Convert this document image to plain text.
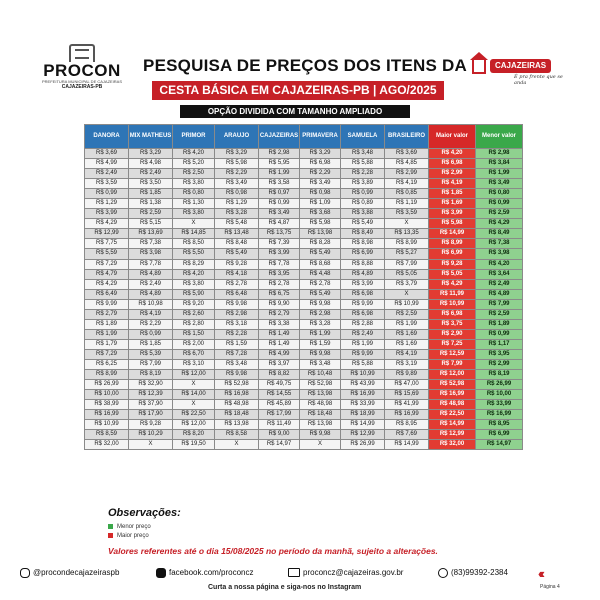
PROCON
PREFEITURA MUNICIPAL DE CAJAZEIRAS
CAJAZEIRAS-PB
PESQUISA DE PREÇOS DOS ITENS DA
CESTA BÁSICA EM CAJAZEIRAS-PB | AGO/2025
OPÇÃO DIVIDIDA COM TAMANHO AMPLIADO
CAJAZEIRAS
É pra frente que se anda
DANORA	MIX MATHEUS	PRIMOR	ARAUJO	CAJAZEIRAS	PRIMAVERA	SAMUELA	BRASILEIRO	Maior valor	Menor valor
R$ 3,69	R$ 3,29	R$ 4,20	R$ 3,29	R$ 2,98	R$ 3,29	R$ 3,48	R$ 3,69	R$ 4,20	R$ 2,98
R$ 4,99	R$ 4,98	R$ 5,20	R$ 5,98	R$ 5,95	R$ 6,98	R$ 5,88	R$ 4,85	R$ 6,98	R$ 3,84
R$ 2,49	R$ 2,49	R$ 2,50	R$ 2,29	R$ 1,99	R$ 2,29	R$ 2,28	R$ 2,99	R$ 2,99	R$ 1,99
R$ 3,59	R$ 3,50	R$ 3,80	R$ 3,49	R$ 3,58	R$ 3,49	R$ 3,89	R$ 4,19	R$ 4,19	R$ 3,49
R$ 0,99	R$ 1,85	R$ 0,80	R$ 0,98	R$ 0,97	R$ 0,98	R$ 0,99	R$ 0,85	R$ 1,85	R$ 0,80
R$ 1,29	R$ 1,38	R$ 1,30	R$ 1,29	R$ 0,99	R$ 1,09	R$ 0,89	R$ 1,19	R$ 1,69	R$ 0,99
R$ 3,99	R$ 2,59	R$ 3,80	R$ 3,28	R$ 3,49	R$ 3,68	R$ 3,88	R$ 3,59	R$ 3,99	R$ 2,59
R$ 4,29	R$ 5,15	X	R$ 5,48	R$ 4,87	R$ 5,98	R$ 5,49	X	R$ 5,98	R$ 4,29
R$ 12,99	R$ 13,69	R$ 14,85	R$ 13,48	R$ 13,75	R$ 13,98	R$ 8,49	R$ 13,35	R$ 14,99	R$ 8,49
R$ 7,75	R$ 7,38	R$ 8,50	R$ 8,48	R$ 7,39	R$ 8,28	R$ 8,98	R$ 8,99	R$ 8,99	R$ 7,38
R$ 5,59	R$ 3,98	R$ 5,50	R$ 5,49	R$ 3,99	R$ 5,49	R$ 6,99	R$ 5,27	R$ 6,99	R$ 3,98
R$ 7,29	R$ 7,78	R$ 8,29	R$ 9,28	R$ 7,78	R$ 8,68	R$ 8,88	R$ 7,99	R$ 9,28	R$ 4,20
R$ 4,79	R$ 4,89	R$ 4,20	R$ 4,18	R$ 3,95	R$ 4,48	R$ 4,89	R$ 5,05	R$ 5,05	R$ 3,64
R$ 4,29	R$ 2,49	R$ 3,80	R$ 2,78	R$ 2,78	R$ 2,78	R$ 3,99	R$ 3,79	R$ 4,29	R$ 2,49
R$ 6,49	R$ 4,89	R$ 5,90	R$ 6,48	R$ 6,75	R$ 5,49	R$ 6,98	X	R$ 11,99	R$ 4,89
R$ 9,99	R$ 10,98	R$ 9,20	R$ 9,98	R$ 9,90	R$ 9,98	R$ 9,99	R$ 10,99	R$ 10,99	R$ 7,99
R$ 2,79	R$ 4,19	R$ 2,60	R$ 2,98	R$ 2,79	R$ 2,98	R$ 6,98	R$ 2,59	R$ 6,98	R$ 2,59
R$ 1,89	R$ 2,29	R$ 2,80	R$ 3,18	R$ 3,38	R$ 3,28	R$ 2,88	R$ 1,99	R$ 3,75	R$ 1,89
R$ 1,99	R$ 0,99	R$ 1,50	R$ 2,28	R$ 1,49	R$ 1,99	R$ 2,49	R$ 1,69	R$ 2,90	R$ 0,99
R$ 1,79	R$ 1,85	R$ 2,00	R$ 1,59	R$ 1,49	R$ 1,59	R$ 1,99	R$ 1,69	R$ 7,25	R$ 1,17
R$ 7,29	R$ 5,39	R$ 6,70	R$ 7,28	R$ 4,99	R$ 9,98	R$ 9,99	R$ 4,19	R$ 12,59	R$ 3,95
R$ 6,25	R$ 7,99	R$ 3,10	R$ 3,48	R$ 3,97	R$ 3,48	R$ 5,88	R$ 3,19	R$ 7,99	R$ 2,99
R$ 8,99	R$ 8,19	R$ 12,00	R$ 9,98	R$ 8,82	R$ 10,48	R$ 10,99	R$ 9,89	R$ 12,00	R$ 8,19
R$ 26,99	R$ 32,90	X	R$ 52,98	R$ 49,75	R$ 52,98	R$ 43,99	R$ 47,00	R$ 52,98	R$ 26,99
R$ 10,00	R$ 12,39	R$ 14,00	R$ 16,98	R$ 14,55	R$ 13,98	R$ 16,99	R$ 15,69	R$ 16,99	R$ 10,00
R$ 38,99	R$ 37,90	X	R$ 48,98	R$ 45,89	R$ 48,98	R$ 33,99	R$ 41,99	R$ 48,98	R$ 33,99
R$ 16,99	R$ 17,90	R$ 22,50	R$ 18,48	R$ 17,99	R$ 18,48	R$ 18,99	R$ 16,99	R$ 22,50	R$ 16,99
R$ 10,99	R$ 9,28	R$ 12,00	R$ 13,98	R$ 11,49	R$ 13,98	R$ 14,99	R$ 8,95	R$ 14,99	R$ 8,95
R$ 8,59	R$ 10,29	R$ 8,20	R$ 8,58	R$ 9,00	R$ 9,98	R$ 12,99	R$ 7,69	R$ 12,99	R$ 6,99
R$ 32,00	X	R$ 19,50	X	R$ 14,97	X	R$ 26,99	R$ 14,99	R$ 32,00	R$ 14,97
Observações:
Menor preço
Maior preço
Valores referentes até o dia 15/08/2025 no período da manhã, sujeito a alterações.
@procondecajazeiraspb	facebook.com/proconcz	proconcz@cajazeiras.gov.br	(83)99392-2384 ‹‹‹
Curta a nossa página e siga-nos no Instagram	Página 4
